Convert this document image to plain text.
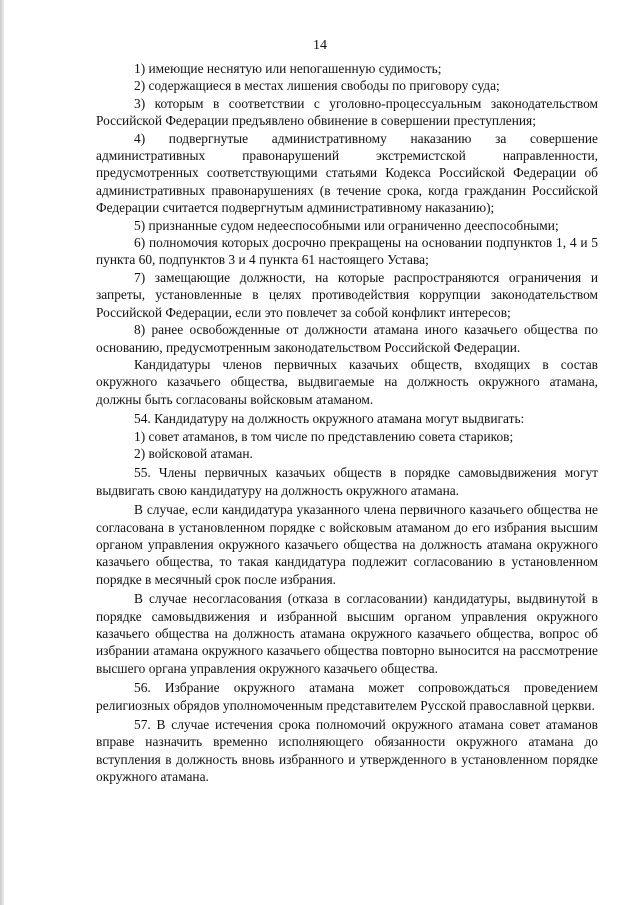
14

1) имеющие неснятую или непогашенную судимость;

2) содержащиеся в местах лишения свободы по приговору суда;

3) которым в соответствии с уголовно-процессуальным законодательством Российской Федерации предъявлено обвинение в совершении преступления;

4) подвергнутые административному наказанию за совершение административных правонарушений экстремистской направленности, предусмотренных соответствующими статьями Кодекса Российской Федерации об административных правонарушениях (в течение срока, когда гражданин Российской Федерации считается подвергнутым административному наказанию);

5) признанные судом недееспособными или ограниченно дееспособными;

6) полномочия которых досрочно прекращены на основании подпунктов 1, 4 и 5 пункта 60, подпунктов 3 и 4 пункта 61 настоящего Устава;

7) замещающие должности, на которые распространяются ограничения и запреты, установленные в целях противодействия коррупции законодательством Российской Федерации, если это повлечет за собой конфликт интересов;

8) ранее освобожденные от должности атамана иного казачьего общества по основанию, предусмотренным законодательством Российской Федерации.

Кандидатуры членов первичных казачьих обществ, входящих в состав окружного казачьего общества, выдвигаемые на должность окружного атамана, должны быть согласованы войсковым атаманом.

54. Кандидатуру на должность окружного атамана могут выдвигать:

1) совет атаманов, в том числе по представлению совета стариков;

2) войсковой атаман.

55. Члены первичных казачьих обществ в порядке самовыдвижения могут выдвигать свою кандидатуру на должность окружного атамана.

В случае, если кандидатура указанного члена первичного казачьего общества не согласована в установленном порядке с войсковым атаманом до его избрания высшим органом управления окружного казачьего общества на должность атамана окружного казачьего общества, то такая кандидатура подлежит согласованию в установленном порядке в месячный срок после избрания.

В случае несогласования (отказа в согласовании) кандидатуры, выдвинутой в порядке самовыдвижения и избранной высшим органом управления окружного казачьего общества на должность атамана окружного казачьего общества, вопрос об избрании атамана окружного казачьего общества повторно выносится на рассмотрение высшего органа управления окружного казачьего общества.

56. Избрание окружного атамана может сопровождаться проведением религиозных обрядов уполномоченным представителем Русской православной церкви.

57. В случае истечения срока полномочий окружного атамана совет атаманов вправе назначить временно исполняющего обязанности окружного атамана до вступления в должность вновь избранного и утвержденного в установленном порядке окружного атамана.
